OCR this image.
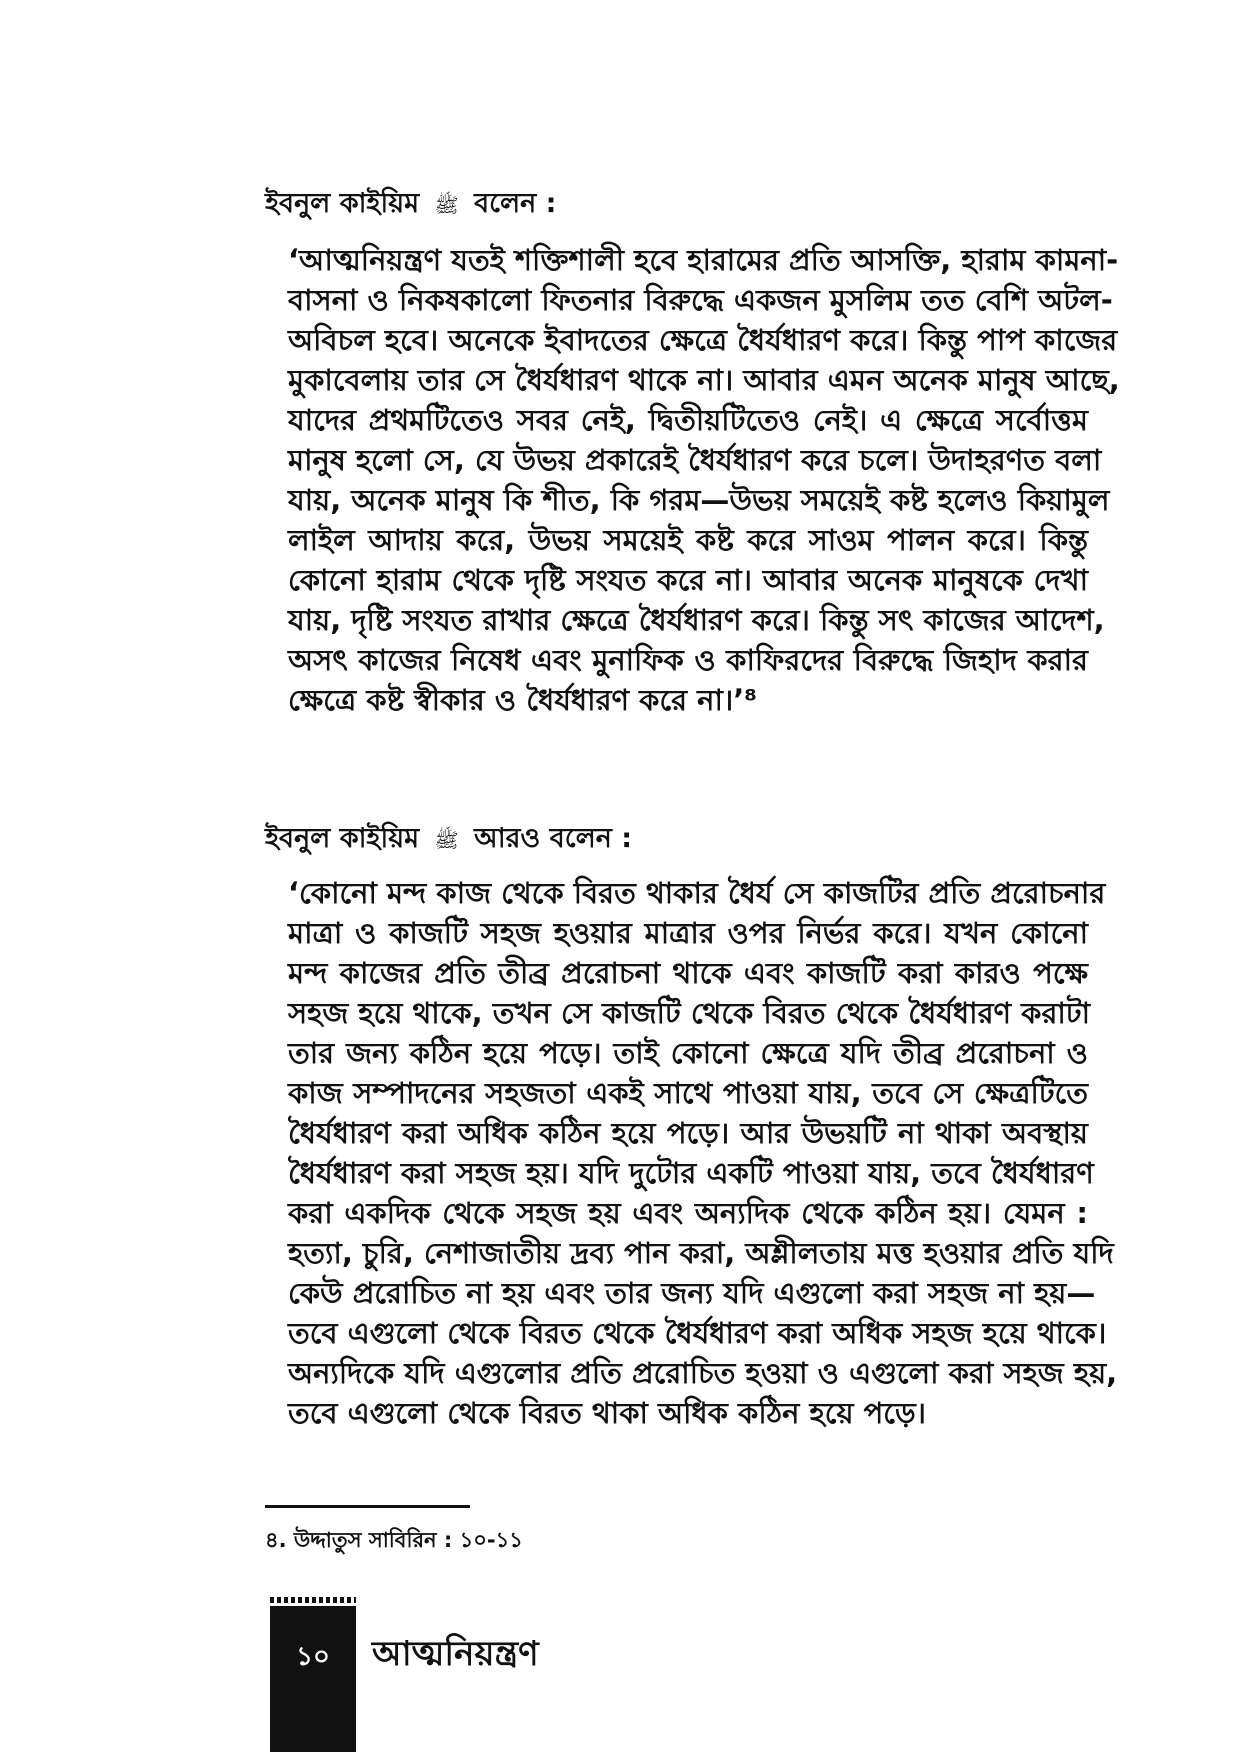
ইবনুল কাইয়িম ﷺ বলেন :
‘আত্মনিয়ন্ত্রণ যতই শক্তিশালী হবে হারামের প্রতি আসক্তি, হারাম কামনা-
বাসনা ও নিকষকালো ফিতনার বিরুদ্ধে একজন মুসলিম তত বেশি অটল-
অবিচল হবে। অনেকে ইবাদতের ক্ষেত্রে ধৈর্যধারণ করে। কিন্তু পাপ কাজের
মুকাবেলায় তার সে ধৈর্যধারণ থাকে না। আবার এমন অনেক মানুষ আছে,
যাদের প্রথমটিতেও সবর নেই, দ্বিতীয়টিতেও নেই। এ ক্ষেত্রে সর্বোত্তম
মানুষ হলো সে, যে উভয় প্রকারেই ধৈর্যধারণ করে চলে। উদাহরণত বলা
যায়, অনেক মানুষ কি শীত, কি গরম—উভয় সময়েই কষ্ট হলেও কিয়ামুল
লাইল আদায় করে, উভয় সময়েই কষ্ট করে সাওম পালন করে। কিন্তু
কোনো হারাম থেকে দৃষ্টি সংযত করে না। আবার অনেক মানুষকে দেখা
যায়, দৃষ্টি সংযত রাখার ক্ষেত্রে ধৈর্যধারণ করে। কিন্তু সৎ কাজের আদেশ,
অসৎ কাজের নিষেধ এবং মুনাফিক ও কাফিরদের বিরুদ্ধে জিহাদ করার
ক্ষেত্রে কষ্ট স্বীকার ও ধৈর্যধারণ করে না।’⁸
ইবনুল কাইয়িম ﷺ আরও বলেন :
‘কোনো মন্দ কাজ থেকে বিরত থাকার ধৈর্য সে কাজটির প্রতি প্ররোচনার
মাত্রা ও কাজটি সহজ হওয়ার মাত্রার ওপর নির্ভর করে। যখন কোনো
মন্দ কাজের প্রতি তীব্র প্ররোচনা থাকে এবং কাজটি করা কারও পক্ষে
সহজ হয়ে থাকে, তখন সে কাজটি থেকে বিরত থেকে ধৈর্যধারণ করাটা
তার জন্য কঠিন হয়ে পড়ে। তাই কোনো ক্ষেত্রে যদি তীব্র প্ররোচনা ও
কাজ সম্পাদনের সহজতা একই সাথে পাওয়া যায়, তবে সে ক্ষেত্রটিতে
ধৈর্যধারণ করা অধিক কঠিন হয়ে পড়ে। আর উভয়টি না থাকা অবস্থায়
ধৈর্যধারণ করা সহজ হয়। যদি দুটোর একটি পাওয়া যায়, তবে ধৈর্যধারণ
করা একদিক থেকে সহজ হয় এবং অন্যদিক থেকে কঠিন হয়। যেমন :
হত্যা, চুরি, নেশাজাতীয় দ্রব্য পান করা, অশ্লীলতায় মত্ত হওয়ার প্রতি যদি
কেউ প্ররোচিত না হয় এবং তার জন্য যদি এগুলো করা সহজ না হয়—
তবে এগুলো থেকে বিরত থেকে ধৈর্যধারণ করা অধিক সহজ হয়ে থাকে।
অন্যদিকে যদি এগুলোর প্রতি প্ররোচিত হওয়া ও এগুলো করা সহজ হয়,
তবে এগুলো থেকে বিরত থাকা অধিক কঠিন হয়ে পড়ে।
৪. উদ্দাতুস সাবিরিন : ১০-১১
১০	আত্মনিয়ন্ত্রণ
